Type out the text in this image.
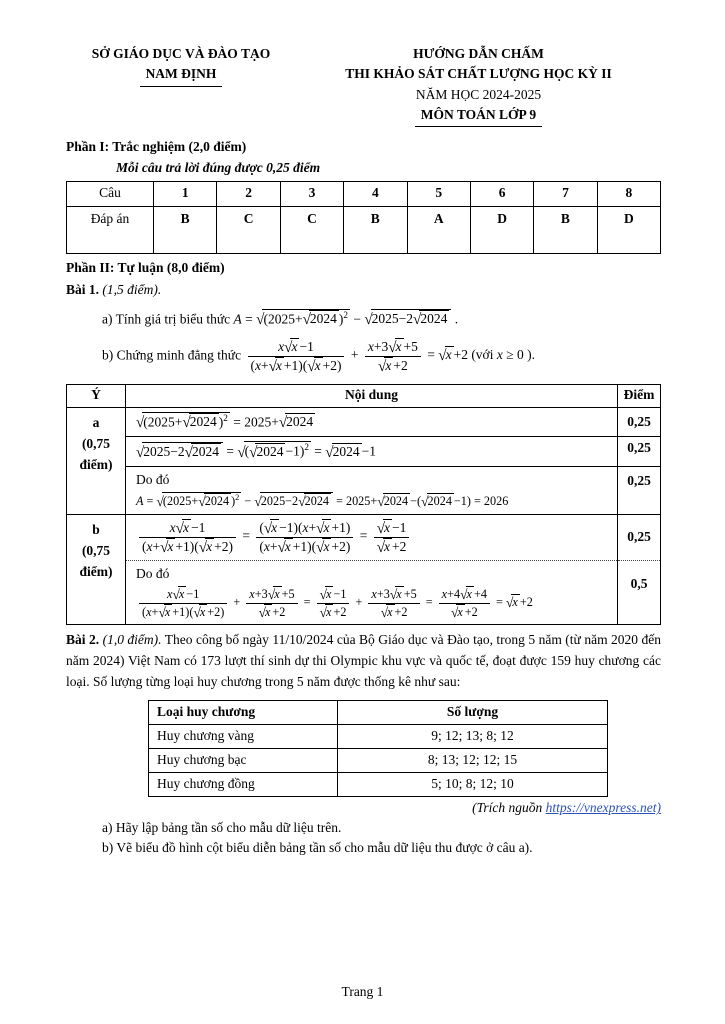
SỞ GIÁO DỤC VÀ ĐÀO TẠO
NAM ĐỊNH
HƯỚNG DẪN CHẤM
THI KHẢO SÁT CHẤT LƯỢNG HỌC KỲ II
NĂM HỌC 2024-2025
MÔN TOÁN LỚP 9
Phần I: Trắc nghiệm (2,0 điểm)
Mỗi câu trả lời đúng được 0,25 điểm
Câu	1	2	3	4	5	6	7	8
Đáp án	B	C	C	B	A	D	B	D
Phần II: Tự luận (8,0 điểm)
Bài 1. (1,5 điểm).
a) Tính giá trị biểu thức A = √(2025+√2024 )$^2$ − √2025−2√2024 .
b) Chứng minh đẳng thức $\frac{x√x -1}{(x+√x +1)(√x +2)} + \frac{x+3√x +5}{√x +2} = √x +2$ (với x ≥ 0 ).
Ý	Nội dung	Điểm

a
(0,75
điểm)	√(2025+√2024 )$^2$ = 2025+√2024	0,25
	$√2025-2√2024 = √(√2024 -1)^2 = √2024 -1$	0,25

	Do đó
A = √(2025+√2024 )$^2$ − √2025−2√2024 = 2025+√2024 −(√2024 −1) = 2026	0,25

b
(0,75
điểm)

$\frac{x√x -1}{(x+√x +1)(√x +2)} = \frac{(√x -1)(x+√x +1)}{(x+√x +1)(√x +2)} = \frac{√x -1}{√x +2}$	0,25

Do đó
$\frac{x√x -1}{(x+√x +1)(√x +2)} + \frac{x+3√x +5}{√x +2} = \frac{√x -1}{√x +2} + \frac{x+3√x +5}{√x +2} = \frac{x+4√x +4}{√x +2} = √x +2$
	0,5
Bài 2. (1,0 điểm). Theo công bố ngày 11/10/2024 của Bộ Giáo dục và Đào tạo, trong 5 năm (từ năm 2020 đến năm 2024) Việt Nam có 173 lượt thí sinh dự thi Olympic khu vực và quốc tế, đoạt được 159 huy chương các loại. Số lượng từng loại huy chương trong 5 năm được thống kê như sau:
Loại huy chương	Số lượng
Huy chương vàng	9; 12; 13; 8; 12
Huy chương bạc	8; 13; 12; 12; 15
Huy chương đồng	5; 10; 8; 12; 10
(Trích nguồn https://vnexpress.net)
a) Hãy lập bảng tần số cho mẫu dữ liệu trên.
b) Vẽ biểu đồ hình cột biểu diễn bảng tần số cho mẫu dữ liệu thu được ở câu a).
Trang 1
